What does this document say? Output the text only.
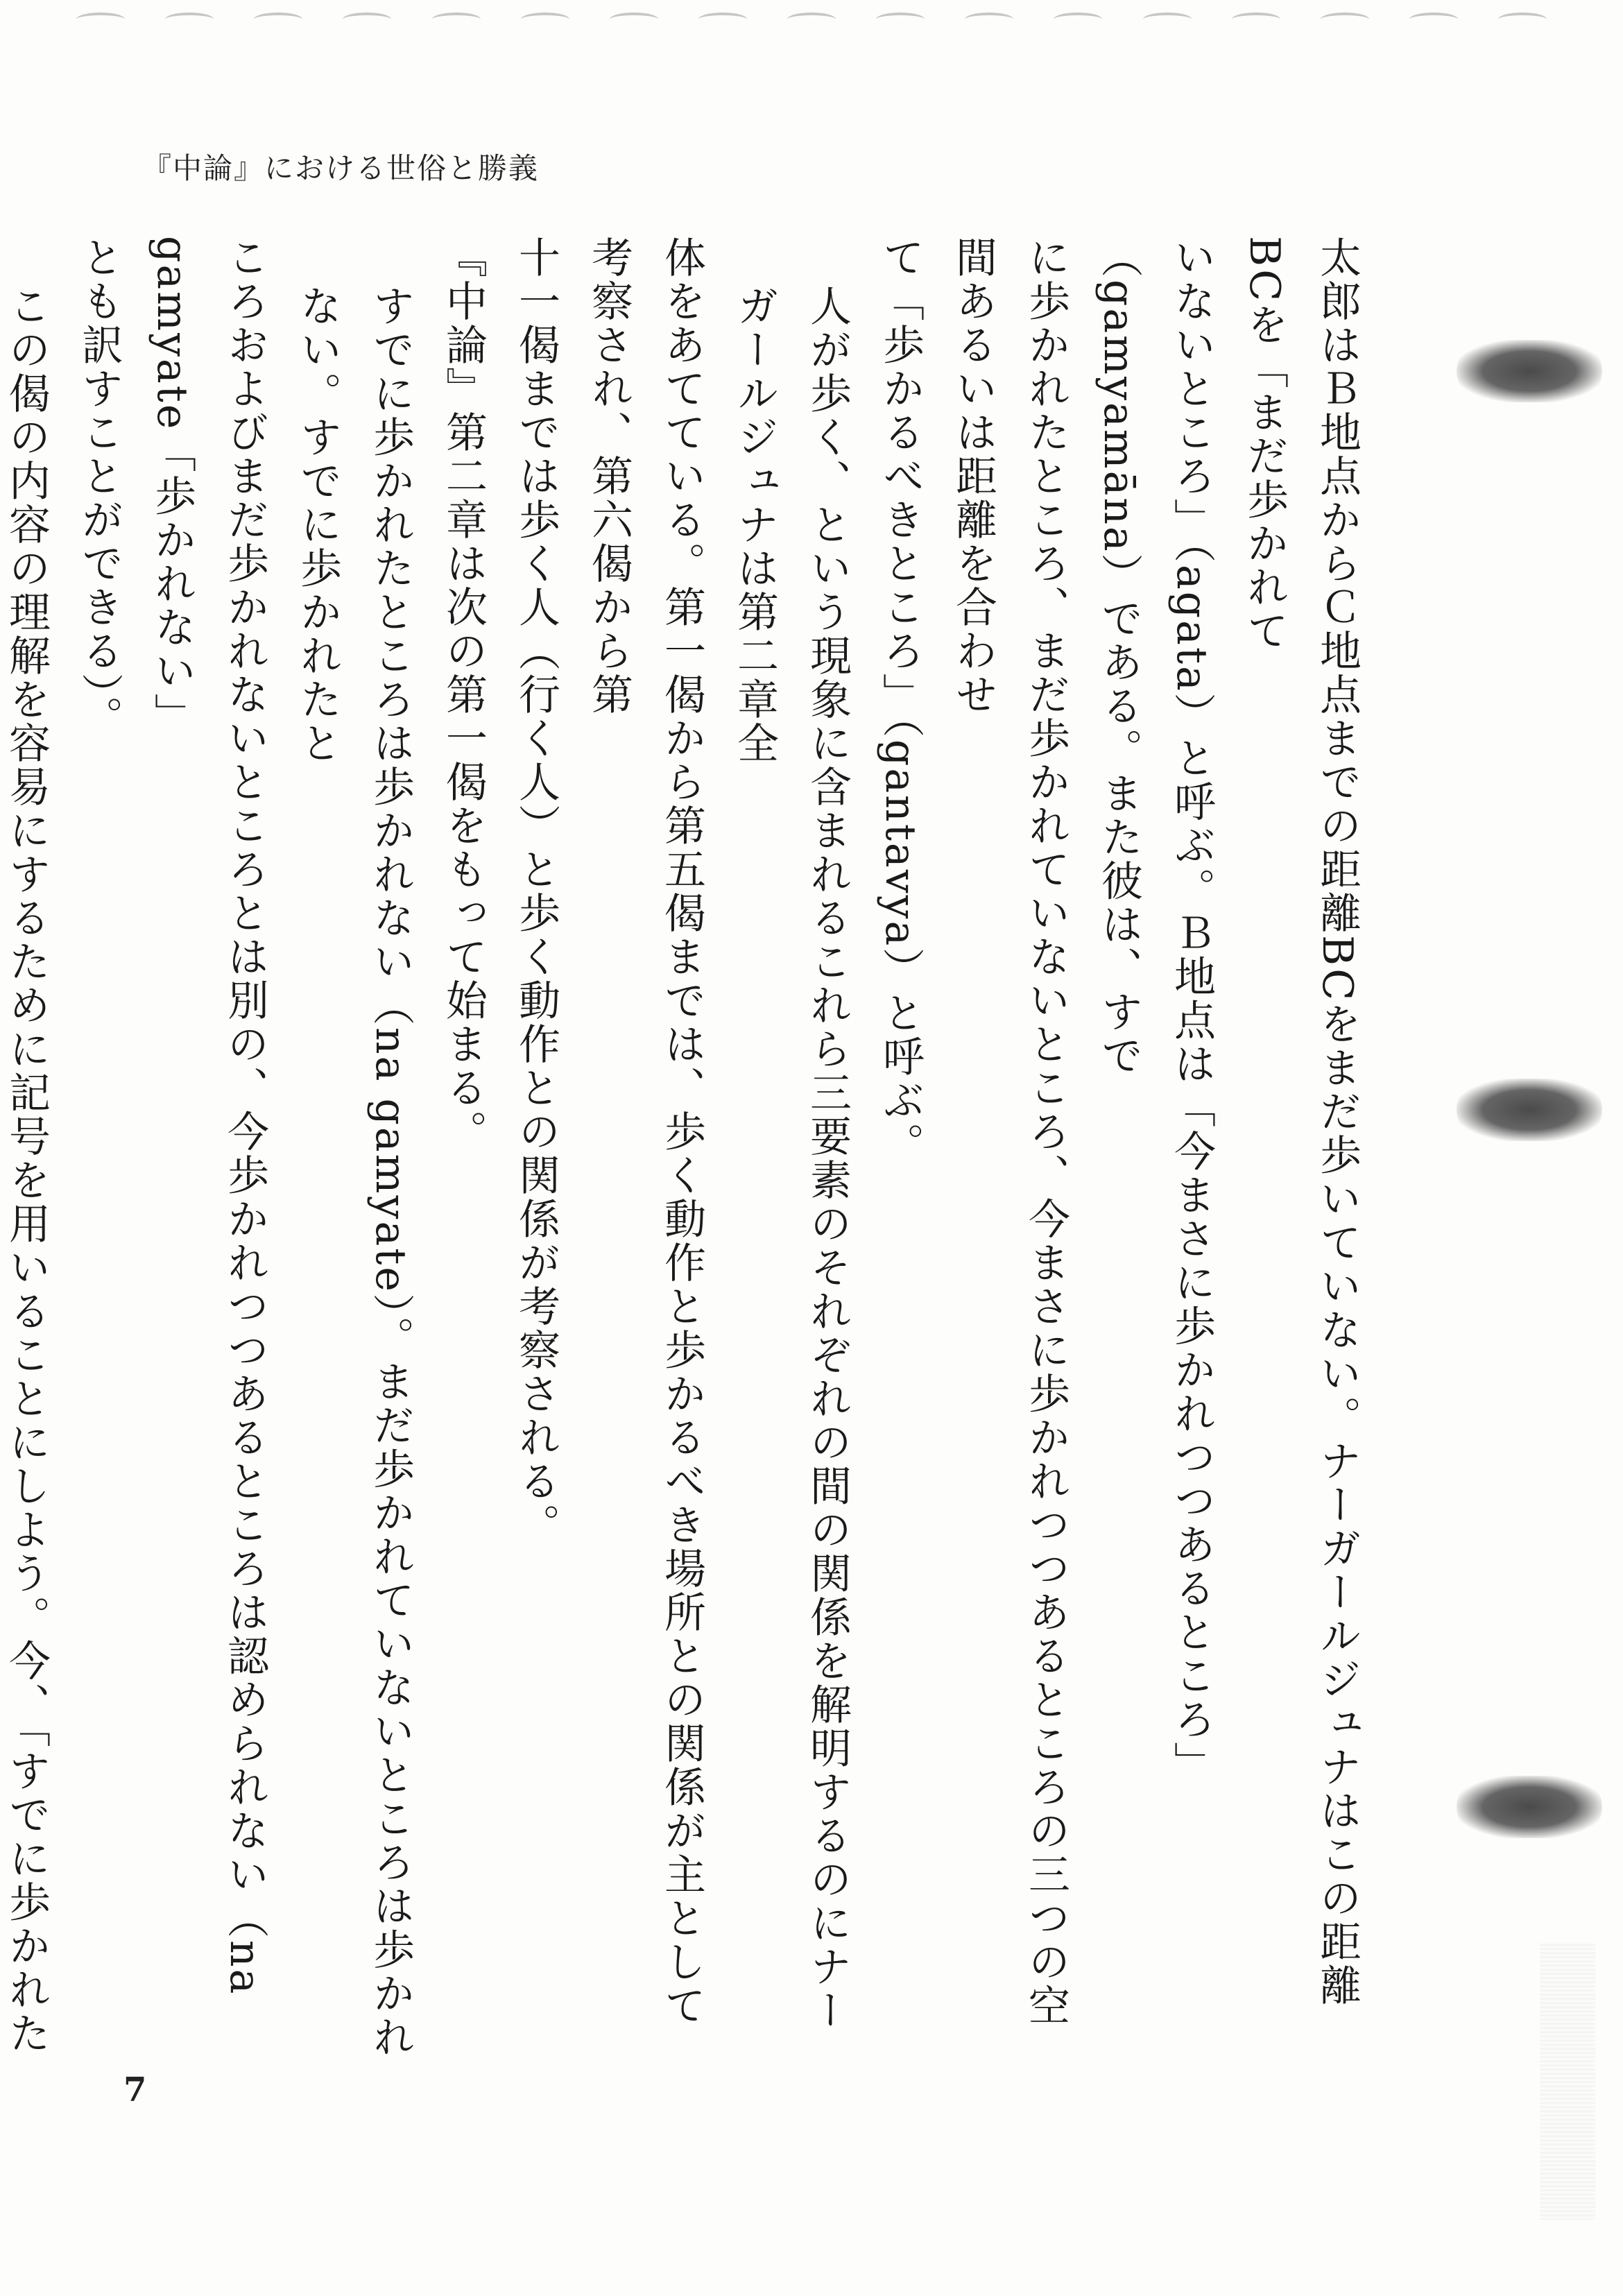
『中論』における世俗と勝義

太郎はＢ地点からＣ地点までの距離BCをまだ歩いていない。ナーガールジュナはこの距離BCを「まだ歩かれて

いないところ」（agata）と呼ぶ。Ｂ地点は「今まさに歩かれつつあるところ」（gamyamāna）である。また彼は、すで

に歩かれたところ、まだ歩かれていないところ、今まさに歩かれつつあるところの三つの空間あるいは距離を合わせ

て「歩かるべきところ」（gantavya）と呼ぶ。

人が歩く、という現象に含まれるこれら三要素のそれぞれの間の関係を解明するのにナーガールジュナは第二章全

体をあてている。第一偈から第五偈までは、歩く動作と歩かるべき場所との関係が主として考察され、第六偈から第

十一偈までは歩く人（行く人）と歩く動作との関係が考察される。

『中論』第二章は次の第一偈をもって始まる。

すでに歩かれたところは歩かれない（na gamyate）。まだ歩かれていないところは歩かれない。すでに歩かれたと

ころおよびまだ歩かれないところとは別の、今歩かれつつあるところは認められない（na gamyate「歩かれない」

とも訳すことができる）。

この偈の内容の理解を容易にするために記号を用いることにしよう。今、「すでに歩かれた

7
